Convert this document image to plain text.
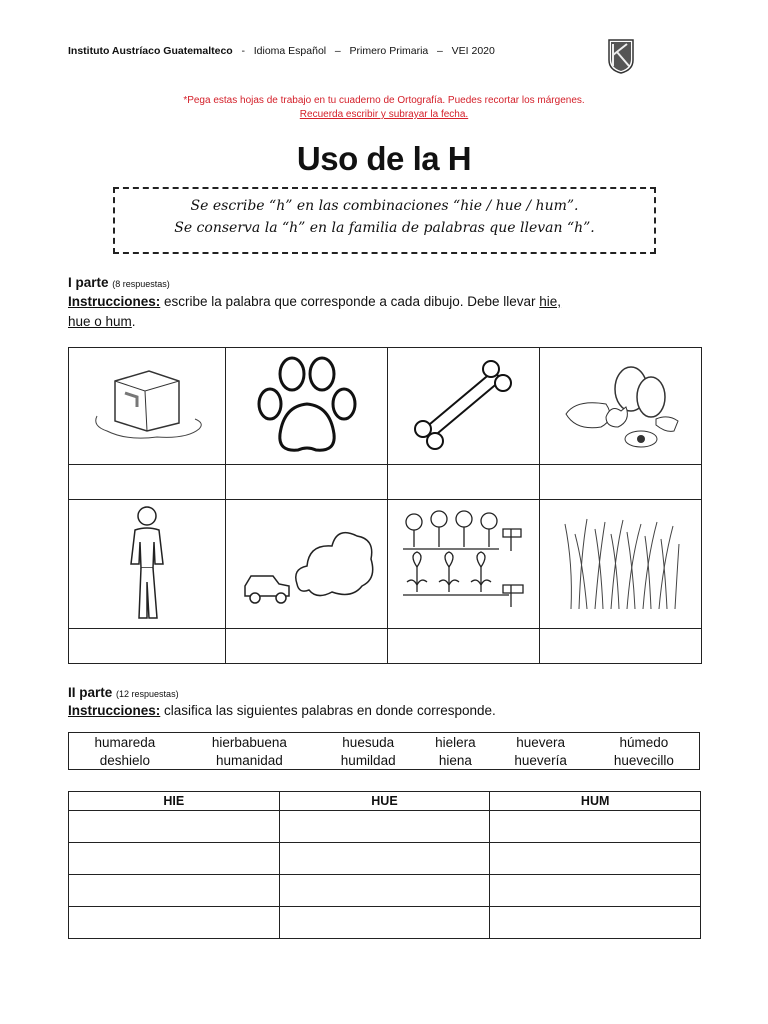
Instituto Austríaco Guatemalteco - Idioma Español – Primero Primaria – VEI 2020
*Pega estas hojas de trabajo en tu cuaderno de Ortografía. Puedes recortar los márgenes.
Recuerda escribir y subrayar la fecha.
Uso de la H
Se escribe “h” en las combinaciones “hie / hue / hum”.
Se conserva la “h” en la familia de palabras que llevan “h”.
I parte (8 respuestas)
Instrucciones: escribe la palabra que corresponde a cada dibujo. Debe llevar hie,
hue o hum.

II parte (12 respuestas)
Instrucciones: clasifica las siguientes palabras en donde corresponde.
humareda	hierbabuena	huesuda	hielera	huevera	húmedo
deshielo	humanidad	humildad	hiena	huevería	huevecillo
HIE	HUE	HUM
